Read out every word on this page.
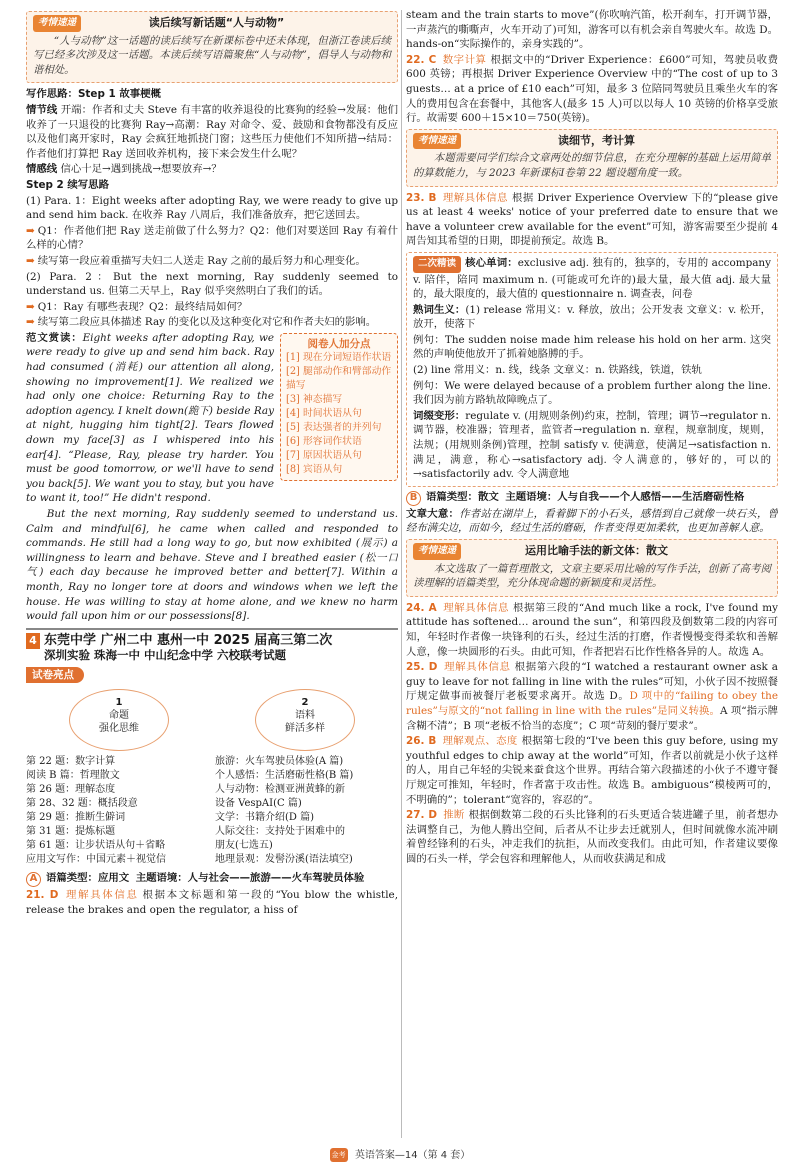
考情速递	读后续写新话题“人与动物”

“人与动物”这一话题的读后续写在新课标卷中还未体现，但浙江卷读后续写已经多次涉及这一话题。本读后续写语篇聚焦“人与动物”，倡导人与动物和谐相处。

写作思路：Step 1 故事梗概

情节线 开端：作者和丈夫 Steve 有丰富的收养退役的比赛狗的经验→发展：他们收养了一只退役的比赛狗 Ray→高潮：Ray 对命令、爱、鼓励和食物都没有反应以及他们离开家时，Ray 会疯狂地抓挠门窗；这些压力使他们不知所措→结局：作者他们打算把 Ray 送回收养机构，接下来会发生什么呢？

情感线 信心十足→遇到挑战→想要放弃→？

Step 2 续写思路

(1) Para. 1：Eight weeks after adopting Ray, we were ready to give up and send him back. 在收养 Ray 八周后，我们准备放弃，把它送回去。

➡ Q1：作者他们把 Ray 送走前做了什么努力？Q2：他们对要送回 Ray 有着什么样的心情？

➡ 续写第一段应着重描写夫妇二人送走 Ray 之前的最后努力和心理变化。

(2) Para. 2：But the next morning, Ray suddenly seemed to understand us. 但第二天早上，Ray 似乎突然明白了我们的话。

➡ Q1：Ray 有哪些表现？Q2：最终结局如何？

➡ 续写第二段应具体描述 Ray 的变化以及这种变化对它和作者夫妇的影响。

阅卷人加分点
[1] 现在分词短语作状语
[2] 腿部动作和臂部动作描写
[3] 神态描写
[4] 时间状语从句
[5] 表达强者的并列句
[6] 形容词作状语
[7] 原因状语从句
[8] 宾语从句

范文赏读：Eight weeks after adopting Ray, we were ready to give up and send him back. Ray had consumed (消耗) our attention all along, showing no improvement[1]. We realized we had only one choice: Returning Ray to the adoption agency. I knelt down(跪下) beside Ray at night, hugging him tight[2]. Tears flowed down my face[3] as I whispered into his ear[4]. “Please, Ray, please try harder. You must be good tomorrow, or we'll have to send you back[5]. We want you to stay, but you have to want it, too!” He didn't respond.

But the next morning, Ray suddenly seemed to understand us. Calm and mindful[6], he came when called and responded to commands. He still had a long way to go, but now exhibited (展示) a willingness to learn and behave. Steve and I breathed easier (松一口气) each day because he improved better and better[7]. Within a month, Ray no longer tore at doors and windows when we left the house. He was willing to stay at home alone, and we knew no harm would fall upon him or our possessions[8].

4 东莞中学 广州二中 惠州一中 2025 届高三第二次
深圳实验 珠海一中 中山纪念中学 六校联考试题
试卷亮点
1
命题
强化思维
2
语料
鲜活多样
第 22 题：数字计算	旅游：火车驾驶员体验(A 篇)
阅读 B 篇：哲理散文	个人感悟：生活磨砺性格(B 篇)
第 26 题：理解态度	人与动物：检测亚洲黄蜂的新
第 28、32 题：概括段意	设备 VespAI(C 篇)
第 29 题：推断生僻词	文学：书籍介绍(D 篇)
第 31 题：提炼标题	人际交往：支持处于困难中的
第 61 题：让步状语从句＋省略	朋友(七选五)
应用文写作：中国元素＋视觉信	地理景观：发髻汾溪(语法填空)

A 语篇类型：应用文 主题语境：人与社会——旅游——火车驾驶员体验

21. D 理解具体信息 根据本文标题和第一段的“You blow the whistle, release the brakes and open the regulator, a hiss of

steam and the train starts to move”(你吹响汽笛，松开刹车，打开调节器，一声蒸汽的嘶嘶声，火车开动了)可知，游客可以有机会亲自驾驶火车。故选 D。hands-on“实际操作的，亲身实践的”。

22. C 数字计算 根据文中的“Driver Experience：£600”可知，驾驶员收费 600 英镑；再根据 Driver Experience Overview 中的“The cost of up to 3 guests… at a price of £10 each”可知，最多 3 位陪同驾驶员且乘坐火车的客人的费用包含在套餐中，其他客人(最多 15 人)可以以每人 10 英镑的价格享受旅行。故需要 600＋15×10＝750(英镑)。

考情速递	读细节，考计算

本题需要同学们综合文章两处的细节信息，在充分理解的基础上运用简单的算数能力，与 2023 年新课标Ⅰ卷第 22 题设题角度一致。

23. B 理解具体信息 根据 Driver Experience Overview 下的“please give us at least 4 weeks' notice of your preferred date to ensure that we have a volunteer crew available for the event”可知，游客需要至少提前 4 周告知其希望的日期，即提前预定。故选 B。

二次精读 核心单词：exclusive adj. 独有的，独享的，专用的 accompany v. 陪伴，陪同 maximum n. (可能或可允许的)最大量，最大值 adj. 最大量的，最大限度的，最大值的 questionnaire n. 调查表，问卷

熟词生义：(1) release 常用义：v. 释放，放出；公开发表 文章义：v. 松开，放开，使落下

例句：The sudden noise made him release his hold on her arm. 这突然的声响使他放开了抓着她胳膊的手。

(2) line 常用义：n. 线，线条 文章义：n. 铁路线，铁道，铁轨

例句：We were delayed because of a problem further along the line. 我们因为前方路轨故障晚点了。

词缀变形：regulate v. (用规则条例)约束，控制，管理；调节→regulator n. 调节器，校准器；管理者，监管者→regulation n. 章程，规章制度，规则，法规；(用规则条例)管理，控制 satisfy v. 使满意，使满足→satisfaction n. 满足，满意，称心→satisfactory adj. 令人满意的，够好的，可以的→satisfactorily adv. 令人满意地

B 语篇类型：散文 主题语境：人与自我——个人感悟——生活磨砺性格

文章大意：作者站在湖岸上，看着脚下的小石头，感悟到自己就像一块石头，曾经布满尖边，而如今，经过生活的磨砺，作者变得更加柔软，也更加善解人意。

考情速递	运用比喻手法的新文体：散文

本文选取了一篇哲理散文，文章主要采用比喻的写作手法，创新了高考阅读理解的语篇类型，充分体现命题的新颖度和灵活性。

24. A 理解具体信息 根据第三段的“And much like a rock, I've found my attitude has softened… around the sun”，和第四段及倒数第二段的内容可知，年轻时作者像一块锋利的石头，经过生活的打磨，作者慢慢变得柔软和善解人意，像一块圆形的石头。由此可知，作者把岩石比作性格各异的人。故选 A。

25. D 理解具体信息 根据第六段的“I watched a restaurant owner ask a guy to leave for not falling in line with the rules”可知，小伙子因不按照餐厅规定做事而被餐厅老板要求离开。故选 D。D 项中的“failing to obey the rules”与原文的“not falling in line with the rules”是同义转换。A 项“指示牌含糊不清”；B 项“老板不恰当的态度”；C 项“苛刻的餐厅要求”。

26. B 理解观点、态度 根据第七段的“I've been this guy before, using my youthful edges to chip away at the world”可知，作者以前就是小伙子这样的人，用自己年轻的尖锐来蚕食这个世界。再结合第六段描述的小伙子不遵守餐厅规定可推知，年轻时，作者富于攻击性。故选 B。ambiguous“模棱两可的，不明确的”；tolerant“宽容的，容忍的”。

27. D 推断 根据倒数第二段的石头比锋利的石头更适合装进罐子里，前者想办法调整自己，为他人腾出空间，后者从不让步去迁就别人，但时间就像水流冲刷着曾经锋利的石头，冲走我们的抗拒，从而改变我们。由此可知，作者建议要像圆的石头一样，学会包容和理解他人，从而收获满足和成

金考卷 英语答案—14（第 4 套）
